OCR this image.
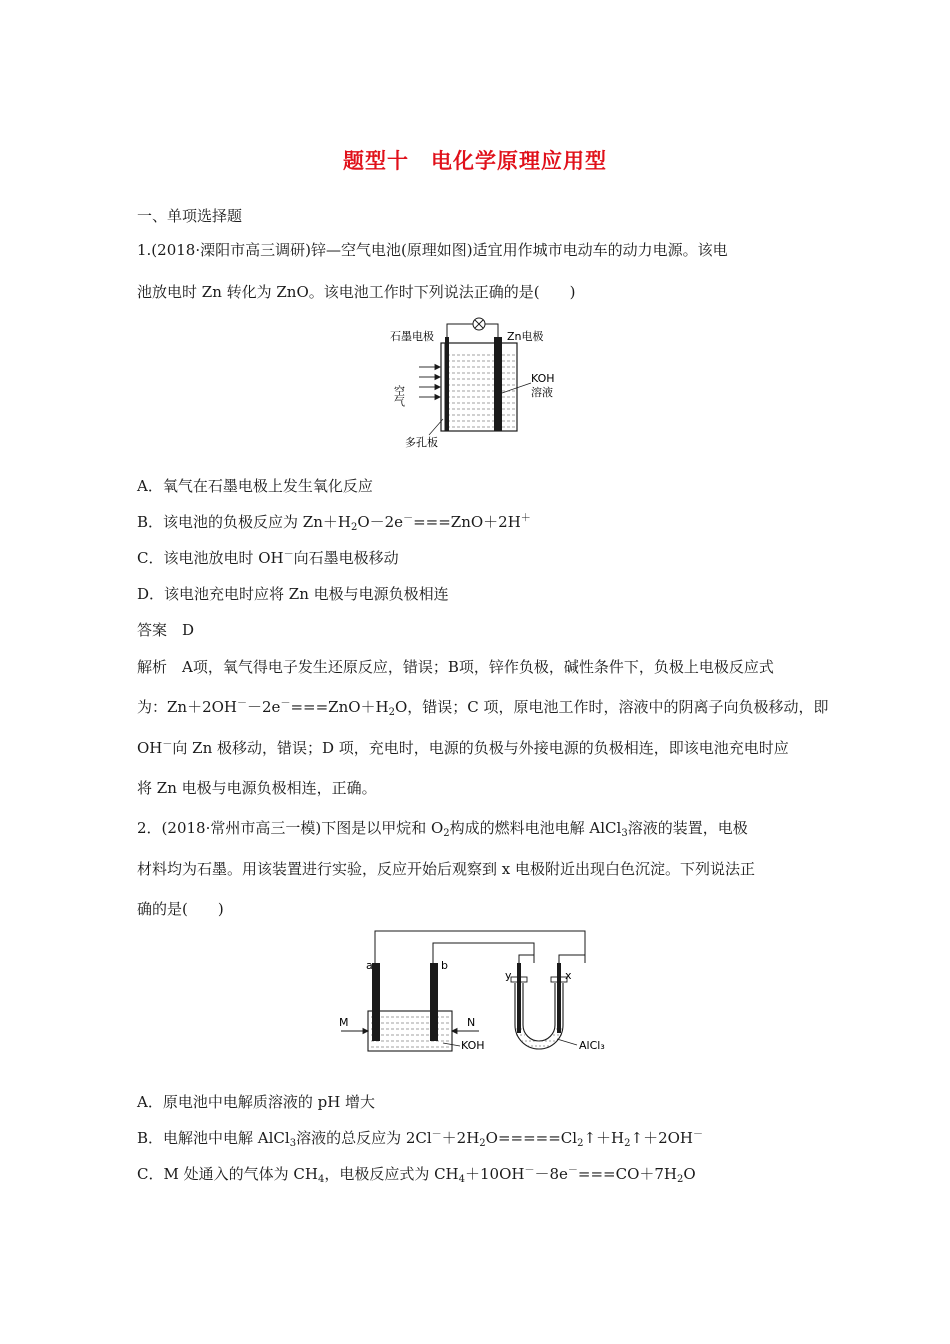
题型十　电化学原理应用型
一、单项选择题
1.(2018·溧阳市高三调研)锌—空气电池(原理如图)适宜用作城市电动车的动力电源。该电
池放电时 Zn 转化为 ZnO。该电池工作时下列说法正确的是(　　)
石墨电极	Zn电极
空气
KOH
溶液
多孔板
A．氧气在石墨电极上发生氧化反应
B．该电池的负极反应为 $Zn+H_2O-2e^-===ZnO+2H^+$
C．该电池放电时 OH－向石墨电极移动
D．该电池充电时应将 Zn 电极与电源负极相连
答案　D
解析　A项，氧气得电子发生还原反应，错误；B项，锌作负极，碱性条件下，负极上电极反应式
为：$Zn+2OH^--2e^-===ZnO+H_2O$，错误；C 项，原电池工作时，溶液中的阴离子向负极移动，即
OH－向 Zn 极移动，错误；D 项，充电时，电源的负极与外接电源的负极相连，即该电池充电时应
将 Zn 电极与电源负极相连，正确。
2．(2018·常州市高三一模)下图是以甲烷和 $O_2$构成的燃料电池电解 AlCl$_3$溶液的装置，电极
材料均为石墨。用该装置进行实验，反应开始后观察到 x 电极附近出现白色沉淀。下列说法正
确的是(　　)
a	b
y	x
M	N
KOH	AlCl₃
A．原电池中电解质溶液的 pH 增大
B．电解池中电解 AlCl$_3$溶液的总反应为 $2Cl^-+2H_2O=====Cl_2↑+H_2↑+2OH^-$
C．M 处通入的气体为 $CH_4$，电极反应式为 $CH_4+10OH^--8e^-===CO+7H_2O$
